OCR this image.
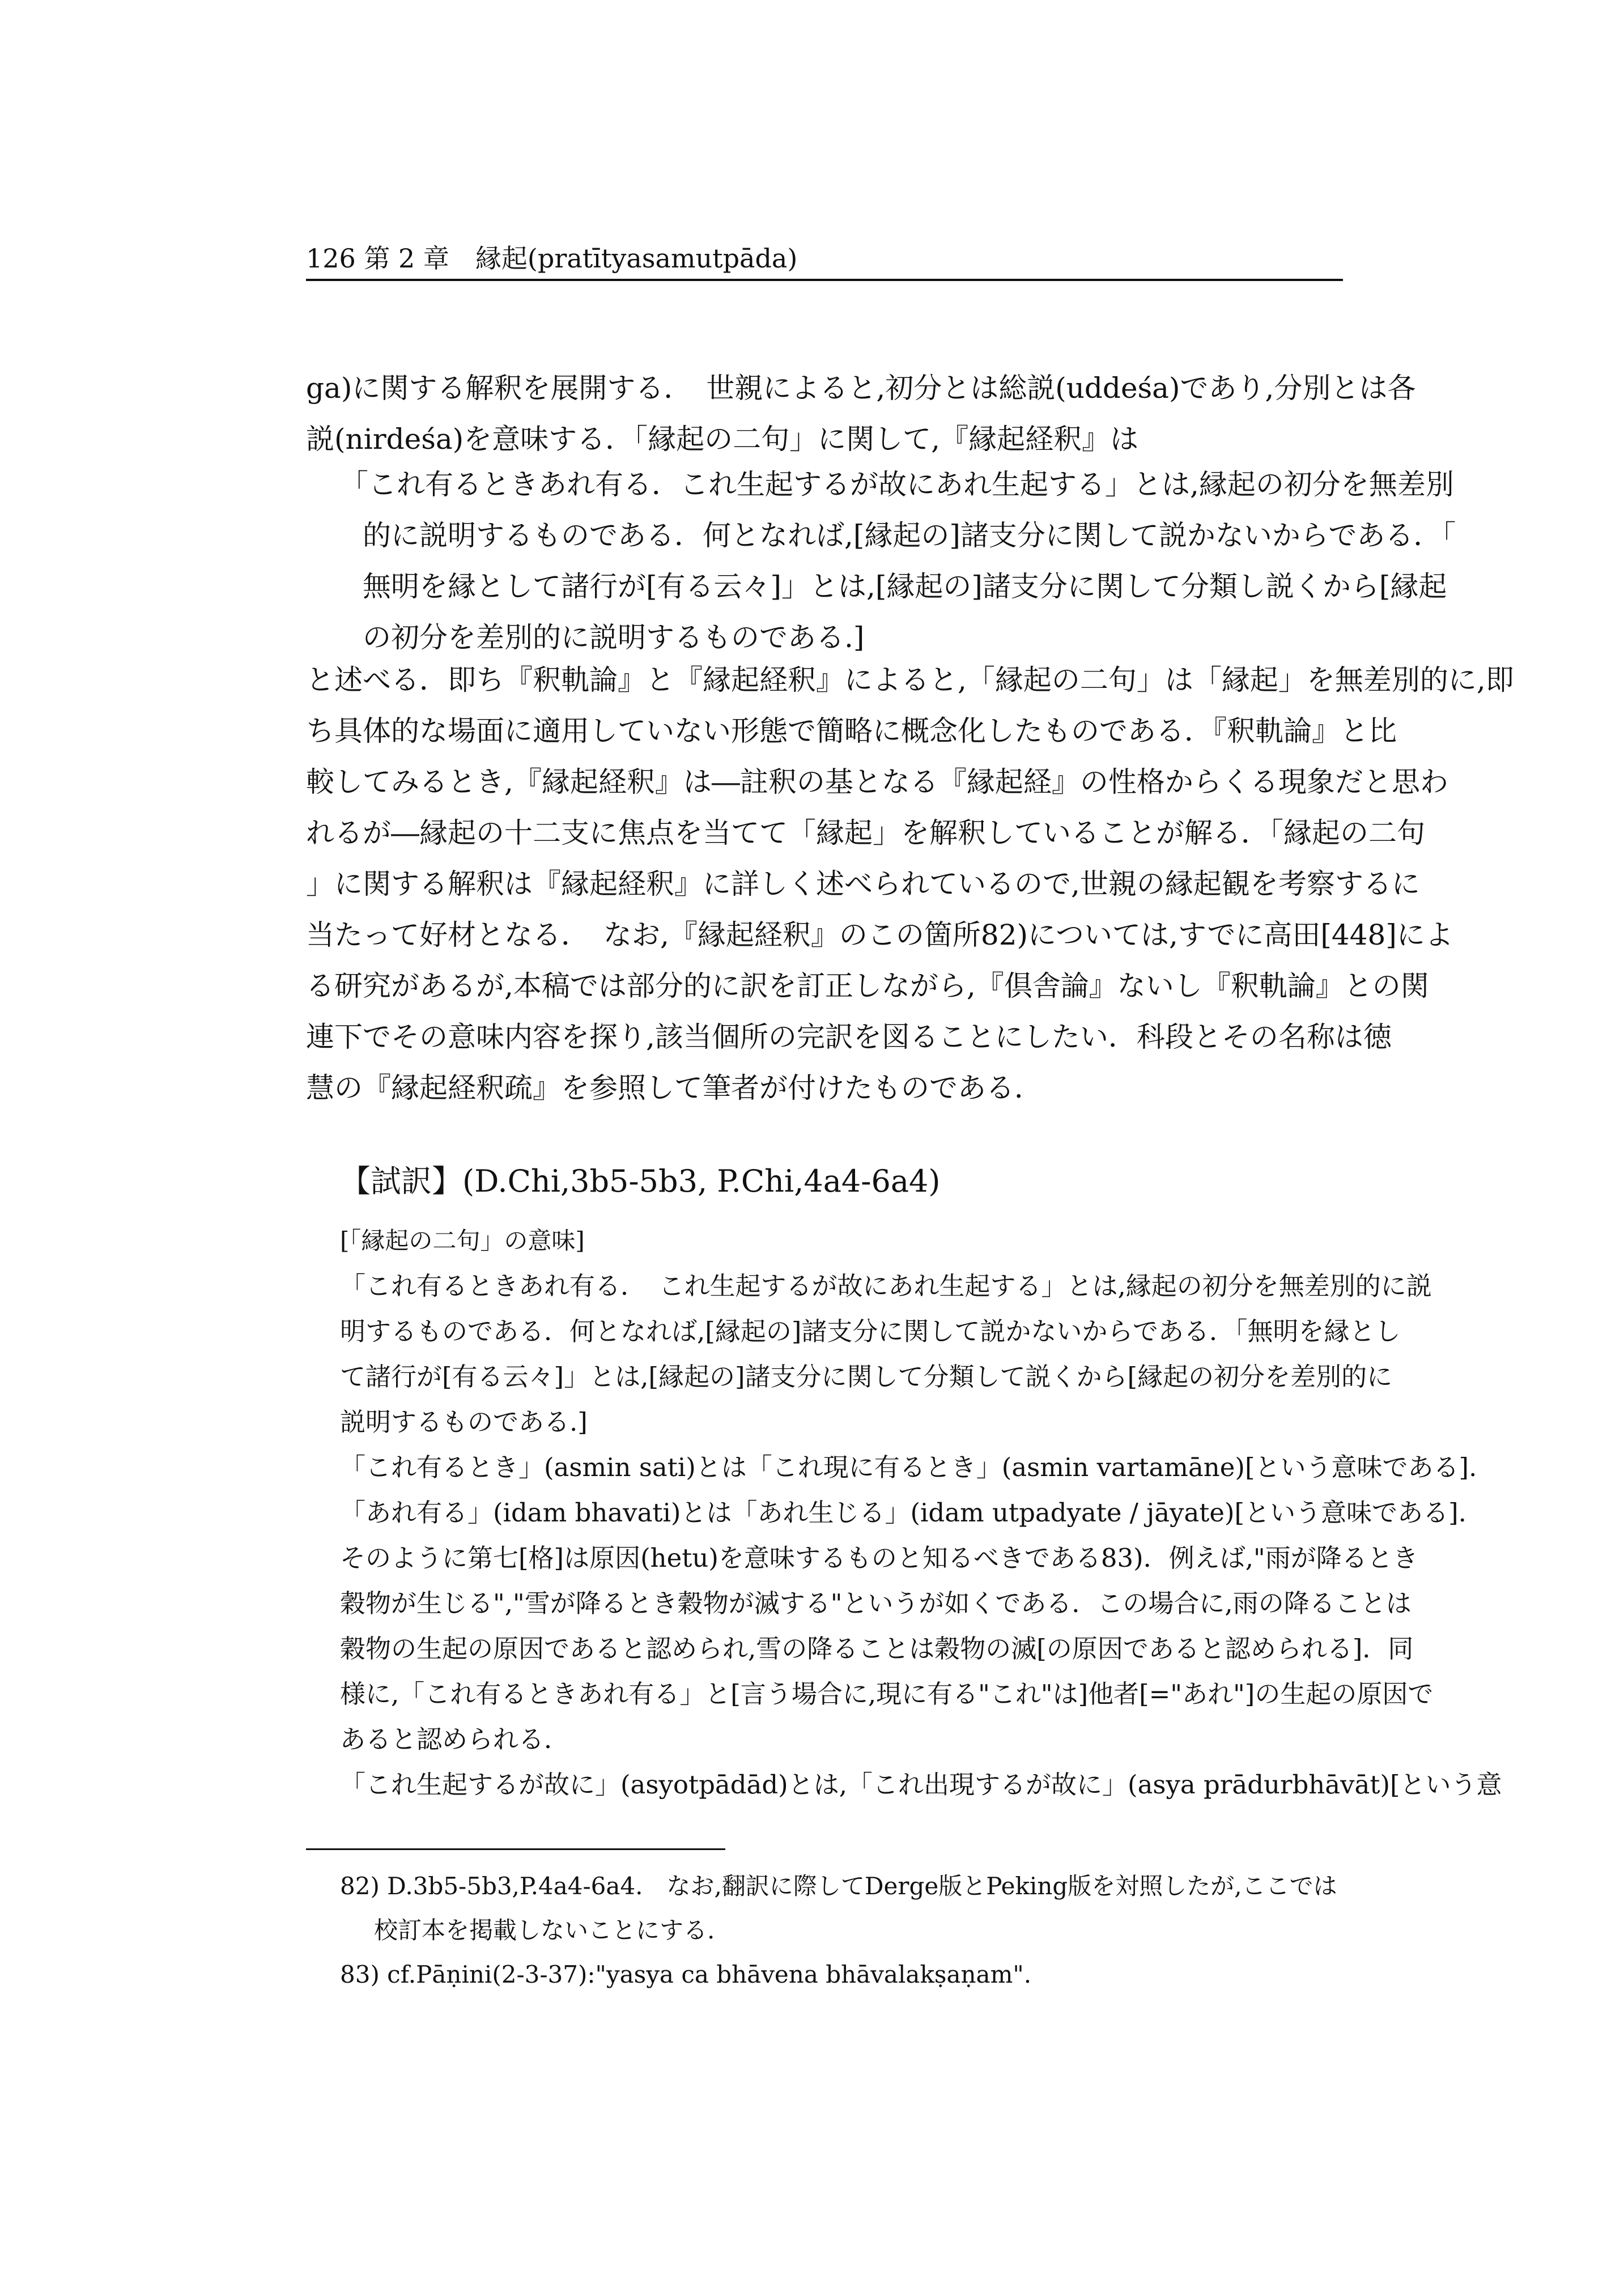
126 第 2 章　縁起(pratītyasamutpāda)
ga)に関する解釈を展開する．　世親によると,初分とは総説(uddeśa)であり,分別とは各
説(nirdeśa)を意味する．「縁起の二句」に関して,『縁起経釈』は
「これ有るときあれ有る．これ生起するが故にあれ生起する」とは,縁起の初分を無差別
的に説明するものである．何となれば,[縁起の]諸支分に関して説かないからである．「
無明を縁として諸行が[有る云々]」とは,[縁起の]諸支分に関して分類し説くから[縁起
の初分を差別的に説明するものである.]
と述べる．即ち『釈軌論』と『縁起経釈』によると,「縁起の二句」は「縁起」を無差別的に,即
ち具体的な場面に適用していない形態で簡略に概念化したものである．『釈軌論』と比
較してみるとき,『縁起経釈』は―註釈の基となる『縁起経』の性格からくる現象だと思わ
れるが―縁起の十二支に焦点を当てて「縁起」を解釈していることが解る．「縁起の二句
」に関する解釈は『縁起経釈』に詳しく述べられているので,世親の縁起観を考察するに
当たって好材となる．　なお,『縁起経釈』のこの箇所82)については,すでに高田[448]によ
る研究があるが,本稿では部分的に訳を訂正しながら,『倶舎論』ないし『釈軌論』との関
連下でその意味内容を探り,該当個所の完訳を図ることにしたい．科段とその名称は徳
慧の『縁起経釈疏』を参照して筆者が付けたものである．
【試訳】(D.Chi,3b5-5b3, P.Chi,4a4-6a4)
[「縁起の二句」の意味]
「これ有るときあれ有る．　これ生起するが故にあれ生起する」とは,縁起の初分を無差別的に説
明するものである．何となれば,[縁起の]諸支分に関して説かないからである．「無明を縁とし
て諸行が[有る云々]」とは,[縁起の]諸支分に関して分類して説くから[縁起の初分を差別的に
説明するものである.]
「これ有るとき」(asmin sati)とは「これ現に有るとき」(asmin vartamāne)[という意味である].
「あれ有る」(idam bhavati)とは「あれ生じる」(idam utpadyate / jāyate)[という意味である].
そのように第七[格]は原因(hetu)を意味するものと知るべきである83)．例えば,"雨が降るとき
穀物が生じる","雪が降るとき穀物が滅する"というが如くである．この場合に,雨の降ることは
穀物の生起の原因であると認められ,雪の降ることは穀物の滅[の原因であると認められる]．同
様に,「これ有るときあれ有る」と[言う場合に,現に有る"これ"は]他者[="あれ"]の生起の原因で
あると認められる．
「これ生起するが故に」(asyotpādād)とは,「これ出現するが故に」(asya prādurbhāvāt)[という意
82) D.3b5-5b3,P.4a4-6a4.　なお,翻訳に際してDerge版とPeking版を対照したが,ここでは
校訂本を掲載しないことにする.
83) cf.Pāṇini(2-3-37):"yasya ca bhāvena bhāvalakṣaṇam".
